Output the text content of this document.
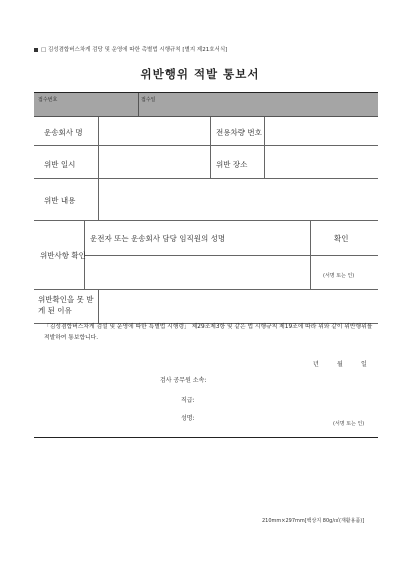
□ 김성겸합버스차게 검당 및 운영에 따한 촉별법 시행규칙 [별지 제21호서식]
위반행위 적발 통보서
접수번호	접수일
운송회사 명	전용차량 번호
위반 일시	위반 장소
위반 내용
위반사항 확인
운전자 또는 운송회사 담당 임직원의 성명	확인
(서명 또는 인)
위반확인을 못 받게 된 이유
「김성겸합버스차게 검설 및 운영에 따한 특별법 시행령」 제29조제3항 및 같은 법 시행규칙 제19조에 따라 위와 같이 위반행위를 적발하여 통보합니다.
년	월	일
검사 공무원 소속:
직급:
성명:
(서명 또는 인)
210mm×297mm[백상지 80g/㎡(재활용품)]
